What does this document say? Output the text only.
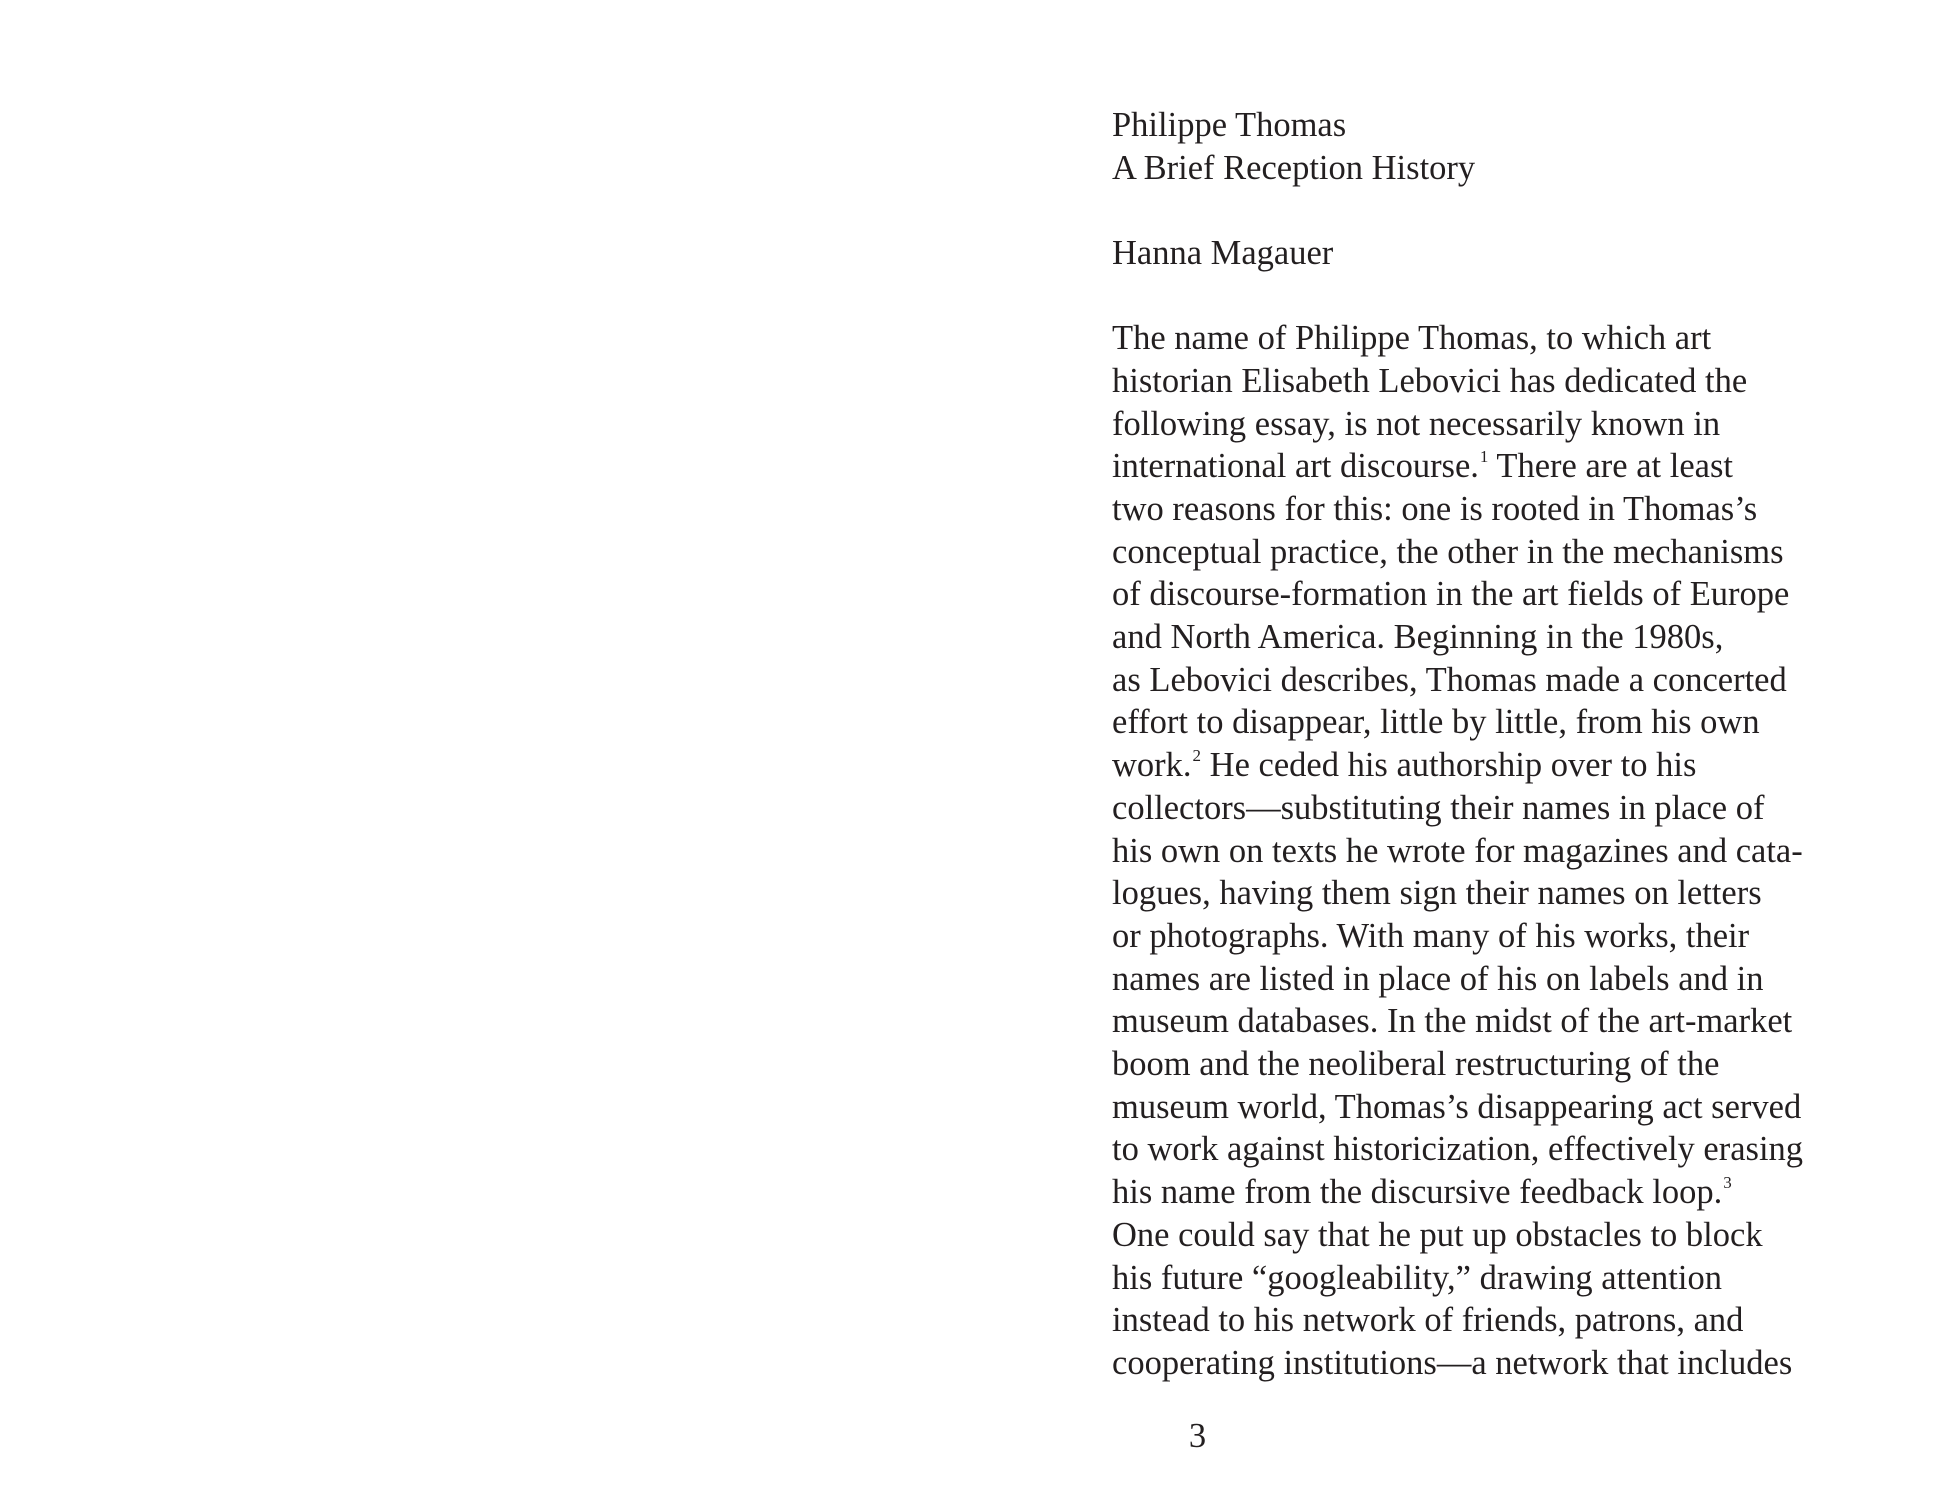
Philippe Thomas
A Brief Reception History
Hanna Magauer
The name of Philippe Thomas, to which art
historian Elisabeth Lebovici has dedicated the
following essay, is not necessarily known in
international art discourse.$^1$ There are at least
two reasons for this: one is rooted in Thomas’s
conceptual practice, the other in the mechanisms
of discourse-formation in the art fields of Europe
and North America. Beginning in the 1980s,
as Lebovici describes, Thomas made a concerted
effort to disappear, little by little, from his own
work.$^2$ He ceded his authorship over to his
collectors—substituting their names in place of
his own on texts he wrote for magazines and cata-
logues, having them sign their names on letters
or photographs. With many of his works, their
names are listed in place of his on labels and in
museum databases. In the midst of the art-market
boom and the neoliberal restructuring of the
museum world, Thomas’s disappearing act served
to work against historicization, effectively erasing
his name from the discursive feedback loop.$^3$
One could say that he put up obstacles to block
his future “googleability,” drawing attention
instead to his network of friends, patrons, and
cooperating institutions—a network that includes
3
